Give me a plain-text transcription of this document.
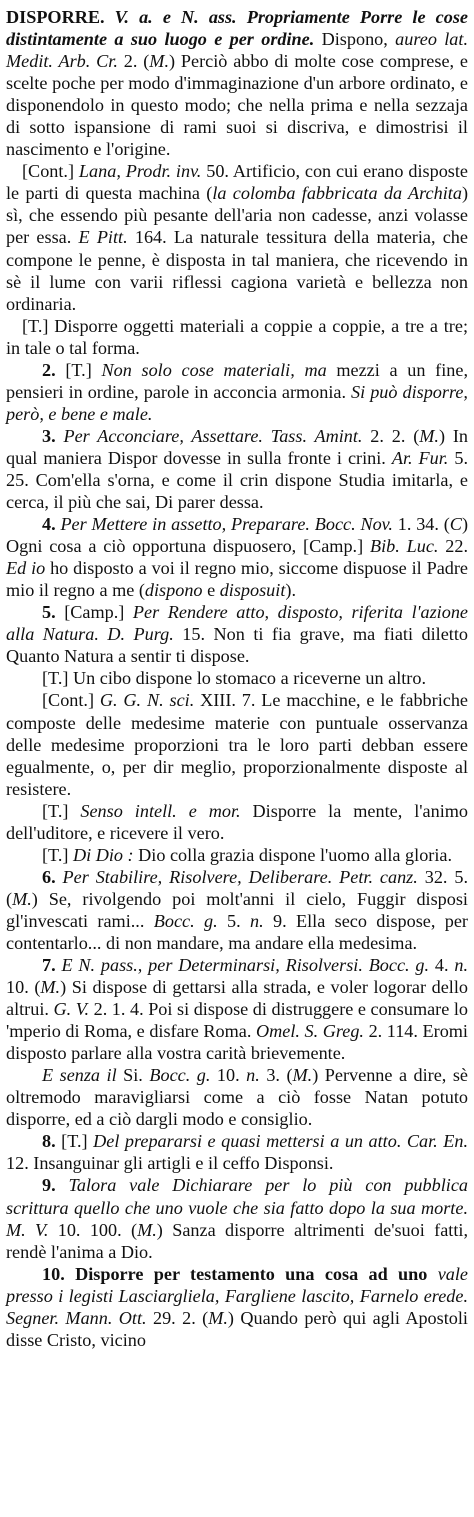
DISPORRE. V. a. e N. ass. Propriamente Porre le cose distintamente a suo luogo e per ordine. Dispono, aureo lat. Medit. Arb. Cr. 2. (M.) Perciò abbo di molte cose comprese, e scelte poche per modo d'immaginazione d'un arbore ordinato, e disponendolo in questo modo; che nella prima e nella sezzaja di sotto ispansione di rami suoi si discriva, e dimostrisi il nascimento e l'origine.

[Cont.] Lana, Prodr. inv. 50. Artificio, con cui erano disposte le parti di questa machina (la colomba fabbricata da Archita) sì, che essendo più pesante dell'aria non cadesse, anzi volasse per essa. E Pitt. 164. La naturale tessitura della materia, che compone le penne, è disposta in tal maniera, che ricevendo in sè il lume con varii riflessi cagiona varietà e bellezza non ordinaria.

[T.] Disporre oggetti materiali a coppie a coppie, a tre a tre; in tale o tal forma.

2. [T.] Non solo cose materiali, ma mezzi a un fine, pensieri in ordine, parole in acconcia armonia. Si può disporre, però, e bene e male.

3. Per Acconciare, Assettare. Tass. Amint. 2. 2. (M.) In qual maniera Dispor dovesse in sulla fronte i crini. Ar. Fur. 5. 25. Com'ella s'orna, e come il crin dispone Studia imitarla, e cerca, il più che sai, Di parer dessa.

4. Per Mettere in assetto, Preparare. Bocc. Nov. 1. 34. (C) Ogni cosa a ciò opportuna dispuosero, [Camp.] Bib. Luc. 22. Ed io ho disposto a voi il regno mio, siccome dispuose il Padre mio il regno a me (dispono e disposuit).

5. [Camp.] Per Rendere atto, disposto, riferita l'azione alla Natura. D. Purg. 15. Non ti fia grave, ma fiati diletto Quanto Natura a sentir ti dispose.

[T.] Un cibo dispone lo stomaco a riceverne un altro.

[Cont.] G. G. N. sci. XIII. 7. Le macchine, e le fabbriche composte delle medesime materie con puntuale osservanza delle medesime proporzioni tra le loro parti debban essere egualmente, o, per dir meglio, proporzionalmente disposte al resistere.

[T.] Senso intell. e mor. Disporre la mente, l'animo dell'uditore, e ricevere il vero.

[T.] Di Dio : Dio colla grazia dispone l'uomo alla gloria.

6. Per Stabilire, Risolvere, Deliberare. Petr. canz. 32. 5. (M.) Se, rivolgendo poi molt'anni il cielo, Fuggir disposi gl'invescati rami... Bocc. g. 5. n. 9. Ella seco dispose, per contentarlo... di non mandare, ma andare ella medesima.

7. E N. pass., per Determinarsi, Risolversi. Bocc. g. 4. n. 10. (M.) Si dispose di gettarsi alla strada, e voler logorar dello altrui. G. V. 2. 1. 4. Poi si dispose di distruggere e consumare lo 'mperio di Roma, e disfare Roma. Omel. S. Greg. 2. 114. Eromi disposto parlare alla vostra carità brievemente.

E senza il Si. Bocc. g. 10. n. 3. (M.) Pervenne a dire, sè oltremodo maravigliarsi come a ciò fosse Natan potuto disporre, ed a ciò dargli modo e consiglio.

8. [T.] Del prepararsi e quasi mettersi a un atto. Car. En. 12. Insanguinar gli artigli e il ceffo Disponsi.

9. Talora vale Dichiarare per lo più con pubblica scrittura quello che uno vuole che sia fatto dopo la sua morte. M. V. 10. 100. (M.) Sanza disporre altrimenti de'suoi fatti, rendè l'anima a Dio.

10. Disporre per testamento una cosa ad uno vale presso i legisti Lasciargliela, Fargliene lascito, Farnelo erede. Segner. Mann. Ott. 29. 2. (M.) Quando però qui agli Apostoli disse Cristo, vicino
